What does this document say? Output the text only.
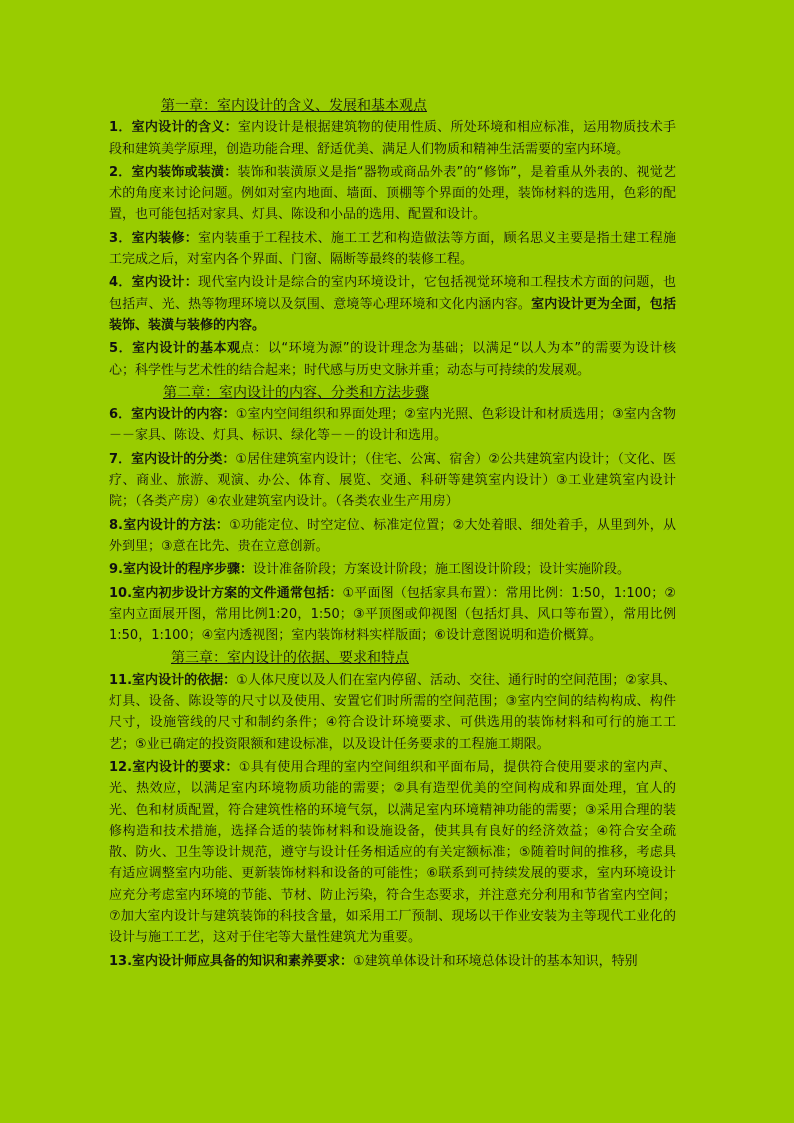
第一章：室内设计的含义、发展和基本观点

1．室内设计的含义：室内设计是根据建筑物的使用性质、所处环境和相应标准，运用物质技术手段和建筑美学原理，创造功能合理、舒适优美、满足人们物质和精神生活需要的室内环境。

2．室内装饰或装潢：装饰和装潢原义是指“器物或商品外表”的“修饰”，是着重从外表的、视觉艺术的角度来讨论问题。例如对室内地面、墙面、顶棚等个界面的处理，装饰材料的选用，色彩的配置，也可能包括对家具、灯具、陈设和小品的选用、配置和设计。

3．室内装修：室内装重于工程技术、施工工艺和构造做法等方面，顾名思义主要是指土建工程施工完成之后，对室内各个界面、门窗、隔断等最终的装修工程。

4．室内设计：现代室内设计是综合的室内环境设计，它包括视觉环境和工程技术方面的问题，也包括声、光、热等物理环境以及氛围、意境等心理环境和文化内涵内容。室内设计更为全面，包括装饰、装潢与装修的内容。

5．室内设计的基本观点：以“环境为源”的设计理念为基础；以满足“以人为本”的需要为设计核心；科学性与艺术性的结合起来；时代感与历史文脉并重；动态与可持续的发展观。

第二章：室内设计的内容、分类和方法步骤

6．室内设计的内容：①室内空间组织和界面处理；②室内光照、色彩设计和材质选用；③室内含物－－家具、陈设、灯具、标识、绿化等－－的设计和选用。

7．室内设计的分类：①居住建筑室内设计；（住宅、公寓、宿舍）②公共建筑室内设计；（文化、医疗、商业、旅游、观演、办公、体育、展览、交通、科研等建筑室内设计）③工业建筑室内设计院；（各类产房）④农业建筑室内设计。（各类农业生产用房）

8.室内设计的方法：①功能定位、时空定位、标准定位置；②大处着眼、细处着手，从里到外，从外到里；③意在比先、贵在立意创新。

9.室内设计的程序步骤：设计准备阶段；方案设计阶段；施工图设计阶段；设计实施阶段。

10.室内初步设计方案的文件通常包括：①平面图（包括家具布置）：常用比例：1:50，1:100；②室内立面展开图，常用比例1:20，1:50；③平顶图或仰视图（包括灯具、风口等布置），常用比例1:50，1:100；④室内透视图；室内装饰材料实样版面；⑥设计意图说明和造价概算。

第三章：室内设计的依据、要求和特点

11.室内设计的依据：①人体尺度以及人们在室内停留、活动、交往、通行时的空间范围；②家具、灯具、设备、陈设等的尺寸以及使用、安置它们时所需的空间范围；③室内空间的结构构成、构件尺寸，设施管线的尺寸和制约条件；④符合设计环境要求、可供选用的装饰材料和可行的施工工艺；⑤业已确定的投资限额和建设标准，以及设计任务要求的工程施工期限。

12.室内设计的要求：①具有使用合理的室内空间组织和平面布局，提供符合使用要求的室内声、光、热效应，以满足室内环境物质功能的需要；②具有造型优美的空间构成和界面处理，宜人的光、色和材质配置，符合建筑性格的环境气氛，以满足室内环境精神功能的需要；③采用合理的装修构造和技术措施，选择合适的装饰材料和设施设备，使其具有良好的经济效益；④符合安全疏散、防火、卫生等设计规范，遵守与设计任务相适应的有关定额标准；⑤随着时间的推移，考虑具有适应调整室内功能、更新装饰材料和设备的可能性；⑥联系到可持续发展的要求，室内环境设计应充分考虑室内环境的节能、节材、防止污染，符合生态要求，并注意充分利用和节省室内空间；⑦加大室内设计与建筑装饰的科技含量，如采用工厂预制、现场以干作业安装为主等现代工业化的设计与施工工艺，这对于住宅等大量性建筑尤为重要。

13.室内设计师应具备的知识和素养要求：①建筑单体设计和环境总体设计的基本知识，特别
